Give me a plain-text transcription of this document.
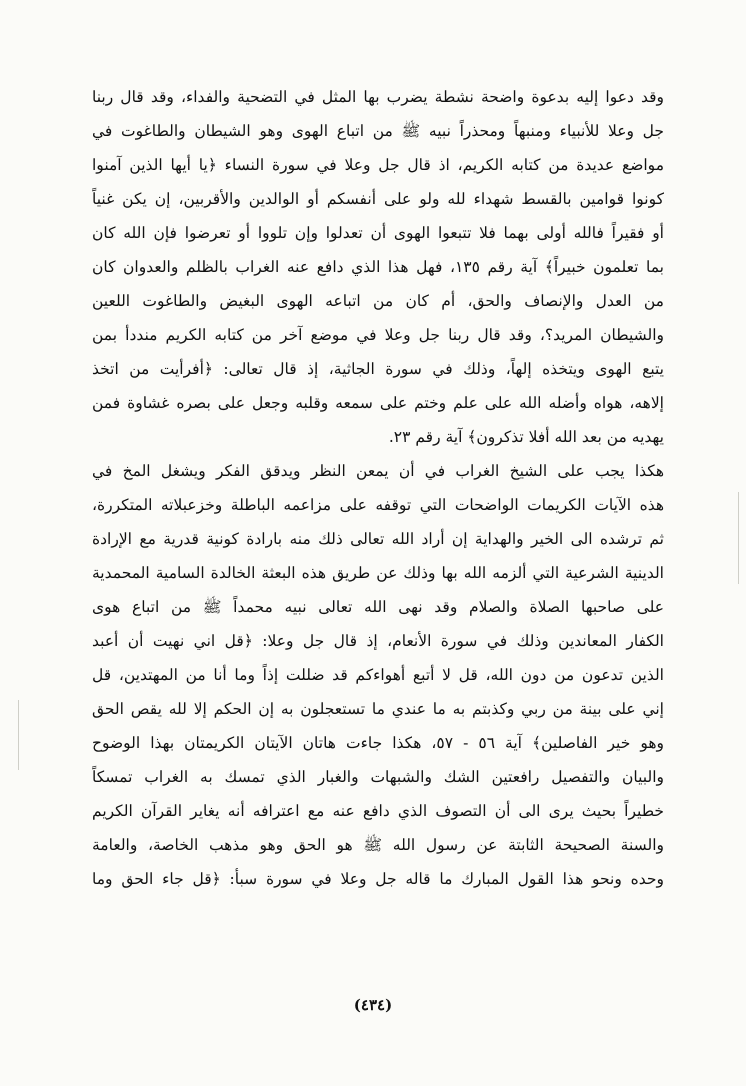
وقد دعوا إليه بدعوة واضحة نشطة يضرب بها المثل في التضحية والفداء، وقد قال ربنا
جل وعلا للأنبياء ومنبهاً ومحذراً نبيه ﷺ من اتباع الهوى وهو الشيطان والطاغوت في
مواضع عديدة من كتابه الكريم، اذ قال جل وعلا في سورة النساء ﴿يا أيها الذين آمنوا
كونوا قوامين بالقسط شهداء لله ولو على أنفسكم أو الوالدين والأقربين، إن يكن غنياً
أو فقيراً فالله أولى بهما فلا تتبعوا الهوى أن تعدلوا وإن تلووا أو تعرضوا فإن الله كان
بما تعلمون خبيراً﴾ آية رقم ١٣٥، فهل هذا الذي دافع عنه الغراب بالظلم والعدوان كان
من العدل والإنصاف والحق، أم كان من اتباعه الهوى البغيض والطاغوت اللعين
والشيطان المريد؟، وقد قال ربنا جل وعلا في موضع آخر من كتابه الكريم منددأ بمن
يتبع الهوى ويتخذه إلهاً، وذلك في سورة الجاثية، إذ قال تعالى: ﴿أفرأيت من اتخذ
إلاهه، هواه وأضله الله على علم وختم على سمعه وقلبه وجعل على بصره غشاوة فمن
يهديه من بعد الله أفلا تذكرون﴾ آية رقم ٢٣.
هكذا يجب على الشيخ الغراب في أن يمعن النظر ويدقق الفكر ويشغل المخ في
هذه الآيات الكريمات الواضحات التي توقفه على مزاعمه الباطلة وخزعبلاته المتكررة،
ثم ترشده الى الخير والهداية إن أراد الله تعالى ذلك منه بارادة كونية قدرية مع الإرادة
الدينية الشرعية التي ألزمه الله بها وذلك عن طريق هذه البعثة الخالدة السامية المحمدية
على صاحبها الصلاة والصلام وقد نهى الله تعالى نبيه محمداً ﷺ من اتباع هوى
الكفار المعاندين وذلك في سورة الأنعام، إذ قال جل وعلا: ﴿قل اني نهيت أن أعبد
الذين تدعون من دون الله، قل لا أتبع أهواءكم قد ضللت إذاً وما أنا من المهتدين، قل
إني على بينة من ربي وكذبتم به ما عندي ما تستعجلون به إن الحكم إلا لله يقص الحق
وهو خير الفاصلين﴾ آية ٥٦ - ٥٧، هكذا جاءت هاتان الآيتان الكريمتان بهذا الوضوح
والبيان والتفصيل رافعتين الشك والشبهات والغبار الذي تمسك به الغراب تمسكاً
خطيراً بحيث يرى الى أن التصوف الذي دافع عنه مع اعترافه أنه يغاير القرآن الكريم
والسنة الصحيحة الثابتة عن رسول الله ﷺ هو الحق وهو مذهب الخاصة، والعامة
وحده ونحو هذا القول المبارك ما قاله جل وعلا في سورة سبأ: ﴿قل جاء الحق وما
(٤٣٤)
